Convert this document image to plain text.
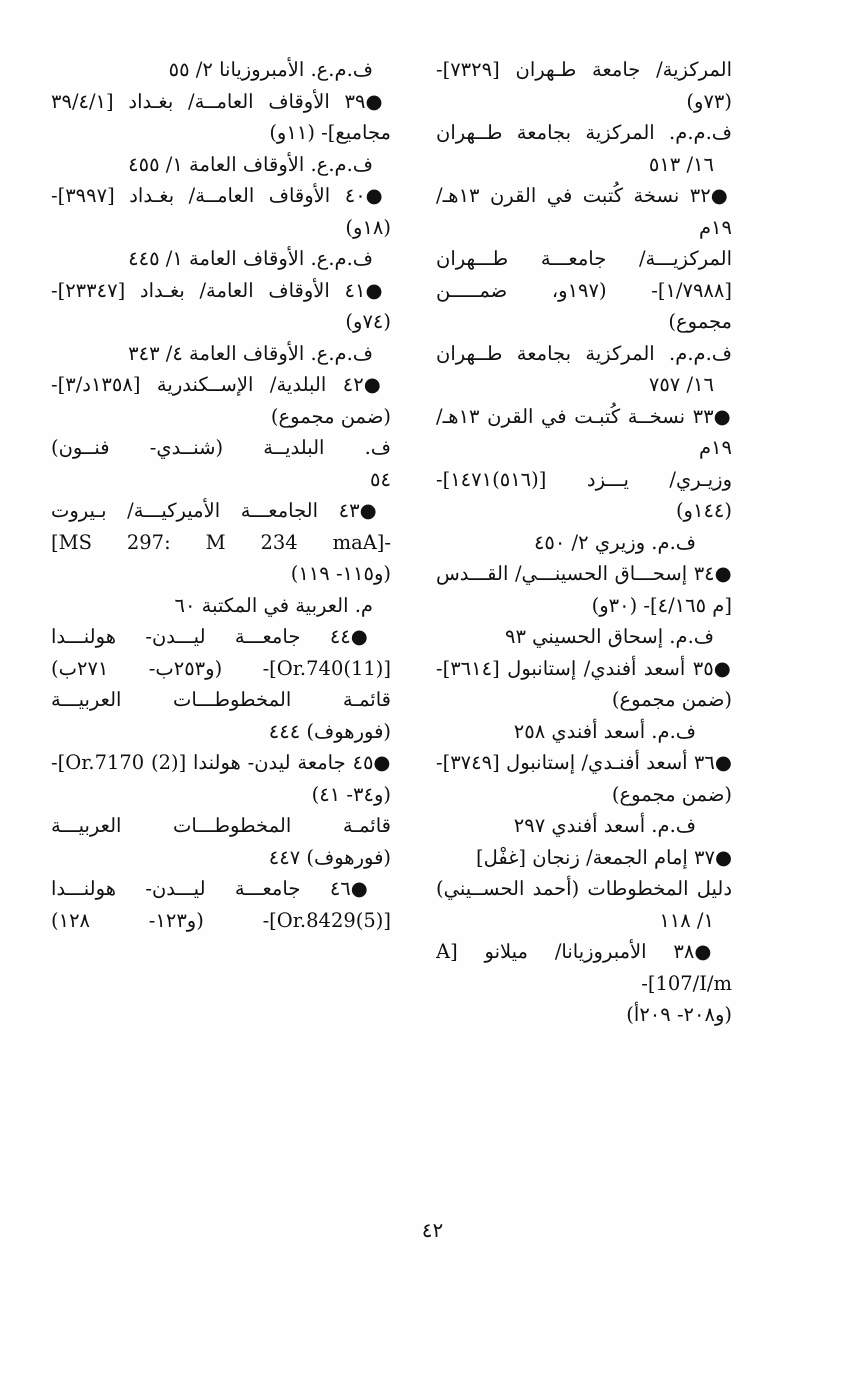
المركزية/ جامعة طـهران [٧٣٢٩]-
(٧٣و)
ف.م.م. المركزية بجامعة طــهران
١٦/ ٥١٣
●٣٢ نسخة كُتبت في القرن ١٣هـ/ ١٩م
المركزيـــة/ جامعـــة طـــهران
[١/٧٩٨٨]- (١٩٧و، ضمـــــن
مجموع)
ف.م.م. المركزية بجامعة طــهران
١٦/ ٧٥٧
●٣٣ نسخــة كُتبـت في القرن ١٣هـ/
١٩م
وزيـري/ يـــزد [(٥١٦)١٤٧١]-
(١٤٤و)
ف.م. وزيري ٢/ ٤٥٠
●٣٤ إسحـــاق الحسينـــي/ القـــدس
[م ٤/١٦٥]- (٣٠و)
ف.م. إسحاق الحسيني ٩٣
●٣٥ أسعد أفندي/ إستانبول [٣٦١٤]-
(ضمن مجموع)
ف.م. أسعد أفندي ٢٥٨
●٣٦ أسعد أفنـدي/ إستانبول [٣٧٤٩]-
(ضمن مجموع)
ف.م. أسعد أفندي ٢٩٧
●٣٧ إمام الجمعة/ زنجان [غفْل]
دليل المخطوطات (أحمد الحســيني)
١/ ١١٨
●٣٨ الأمبروزيانا/ ميلانو [A 107/I/m]-
(و٢٠٨- ٢٠٩أ)
ف.م.ع. الأمبروزيانا ٢/ ٥٥
●٣٩ الأوقاف العامــة/ بغـداد [٣٩/٤/١
مجاميع]- (١١و)
ف.م.ع. الأوقاف العامة ١/ ٤٥٥
●٤٠ الأوقاف العامــة/ بغـداد [٣٩٩٧]-
(١٨و)
ف.م.ع. الأوقاف العامة ١/ ٤٤٥
●٤١ الأوقاف العامة/ بغـداد [٢٣٣٤٧]-
(٧٤و)
ف.م.ع. الأوقاف العامة ٤/ ٣٤٣
●٤٢ البلدية/ الإســكندرية [١٣٥٨د/٣]-
(ضمن مجموع)
ف. البلديــة (شنــدي- فنــون)
٥٤
●٤٣ الجامعـــة الأميركيـــة/ بـيروت
-[MS 297: M 234 maA]
(و١١٥- ١١٩)
م. العربية في المكتبة ٦٠
●٤٤ جامعـــة ليـــدن- هولنـــدا
[Or.740(11)]- (و٢٥٣ب- ٢٧١ب)
قائمـة المخطوطـــات العربيـــة
(فورهوف) ٤٤٤
●٤٥ جامعة ليدن- هولندا [Or.7170 (2)]-
(و٣٤- ٤١)
قائمـة المخطوطـــات العربيـــة
(فورهوف) ٤٤٧
●٤٦ جامعـــة ليـــدن- هولنـــدا
[Or.8429(5)]- (و١٢٣- ١٢٨)
٤٢
